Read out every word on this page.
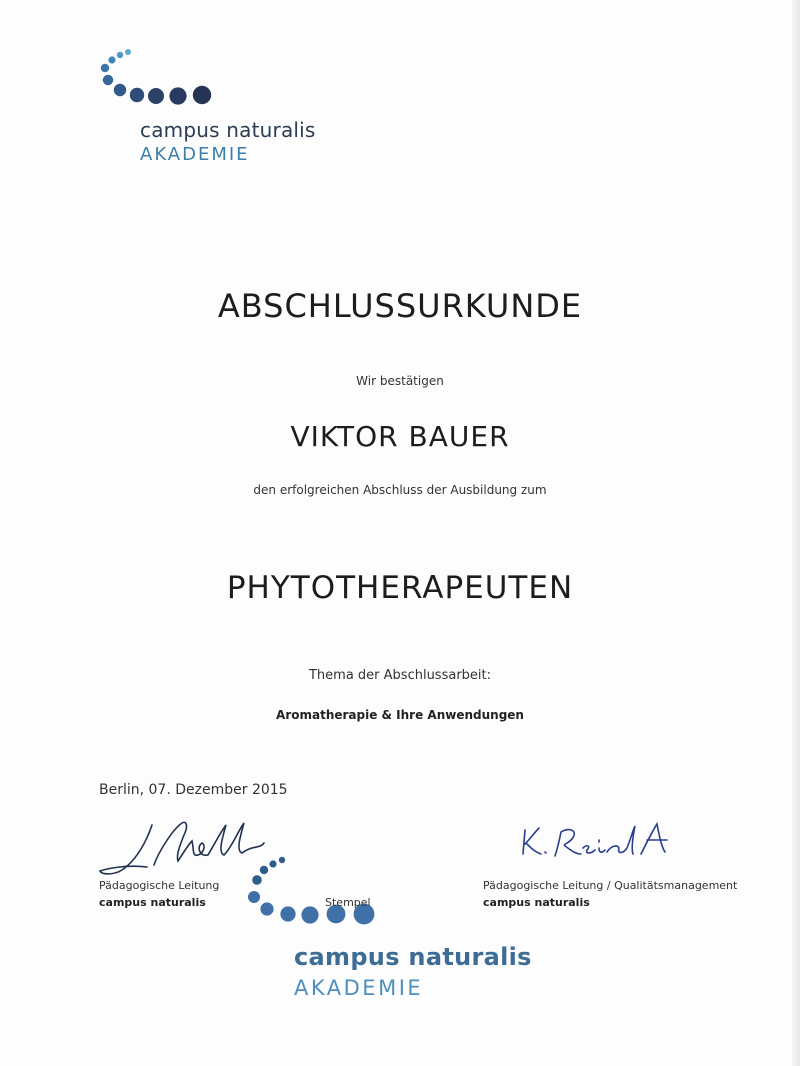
campus naturalis
AKADEMIE
ABSCHLUSSURKUNDE
Wir bestätigen
VIKTOR BAUER
den erfolgreichen Abschluss der Ausbildung zum
PHYTOTHERAPEUTEN
Thema der Abschlussarbeit:
Aromatherapie & Ihre Anwendungen
Berlin, 07. Dezember 2015
Pädagogische Leitung
campus naturalis
Pädagogische Leitung / Qualitätsmanagement
campus naturalis
campus naturalis
AKADEMIE
Stempel
